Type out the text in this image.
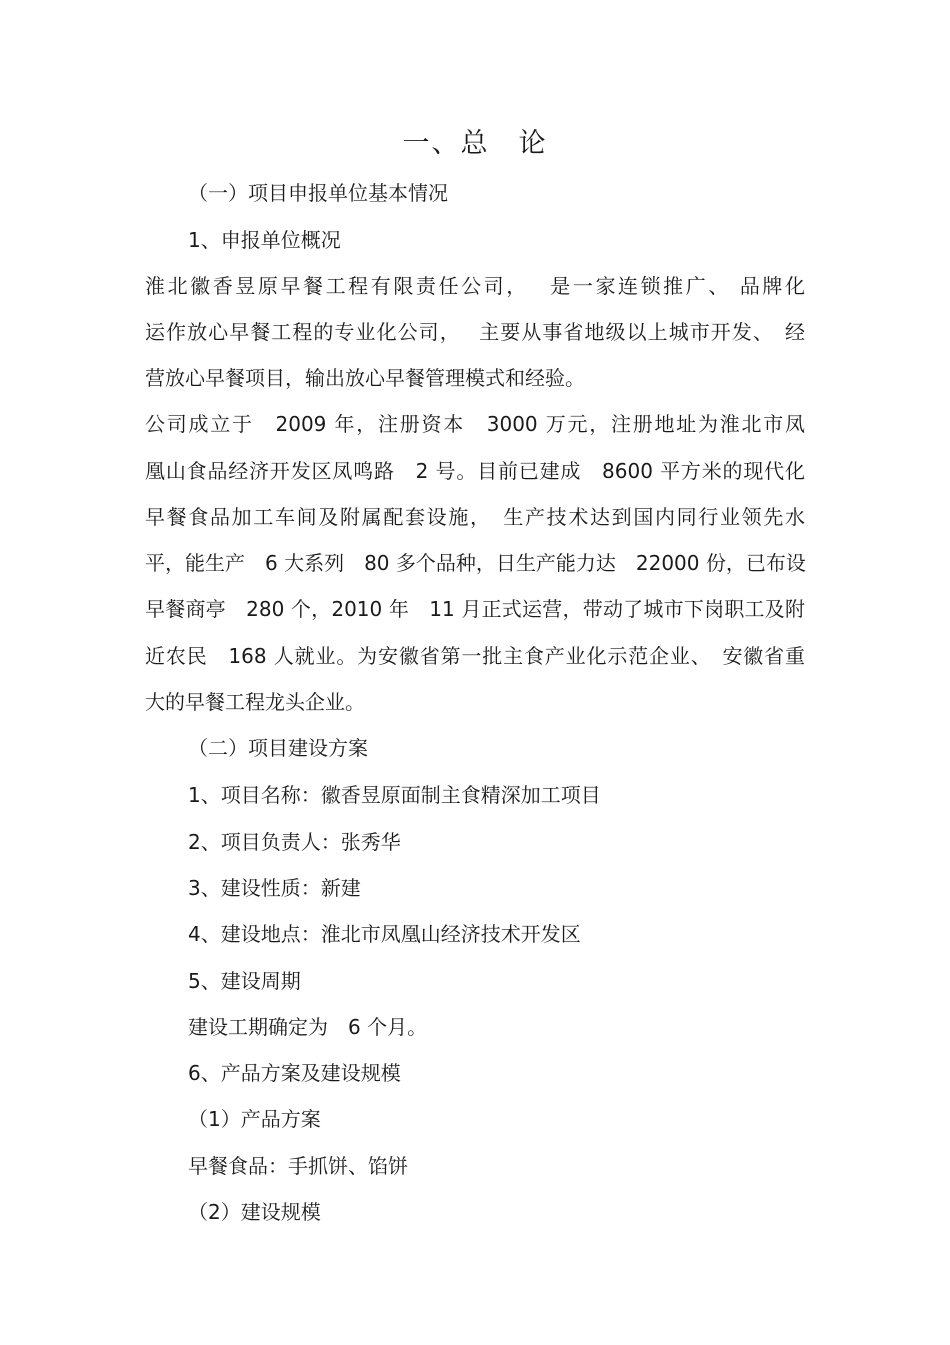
一、总　论
（一）项目申报单位基本情况
1、申报单位概况
淮北徽香昱原早餐工程有限责任公司，　 是一家连锁推广、 品牌化
运作放心早餐工程的专业化公司，　 主要从事省地级以上城市开发、　经
营放心早餐项目，输出放心早餐管理模式和经验。
公司成立于　2009 年，注册资本　3000 万元，注册地址为淮北市凤
凰山食品经济开发区凤鸣路　2 号。目前已建成　8600 平方米的现代化
早餐食品加工车间及附属配套设施，　生产技术达到国内同行业领先水
平，能生产　6 大系列　80 多个品种，日生产能力达　22000 份，已布设
早餐商亭　280 个，2010 年　11 月正式运营，带动了城市下岗职工及附
近农民　168 人就业。为安徽省第一批主食产业化示范企业、　安徽省重
大的早餐工程龙头企业。
（二）项目建设方案
1、项目名称：徽香昱原面制主食精深加工项目
2、项目负责人：张秀华
3、建设性质：新建
4、建设地点：淮北市凤凰山经济技术开发区
5、建设周期
建设工期确定为　6 个月。
6、产品方案及建设规模
（1）产品方案
早餐食品：手抓饼、馅饼
（2）建设规模
